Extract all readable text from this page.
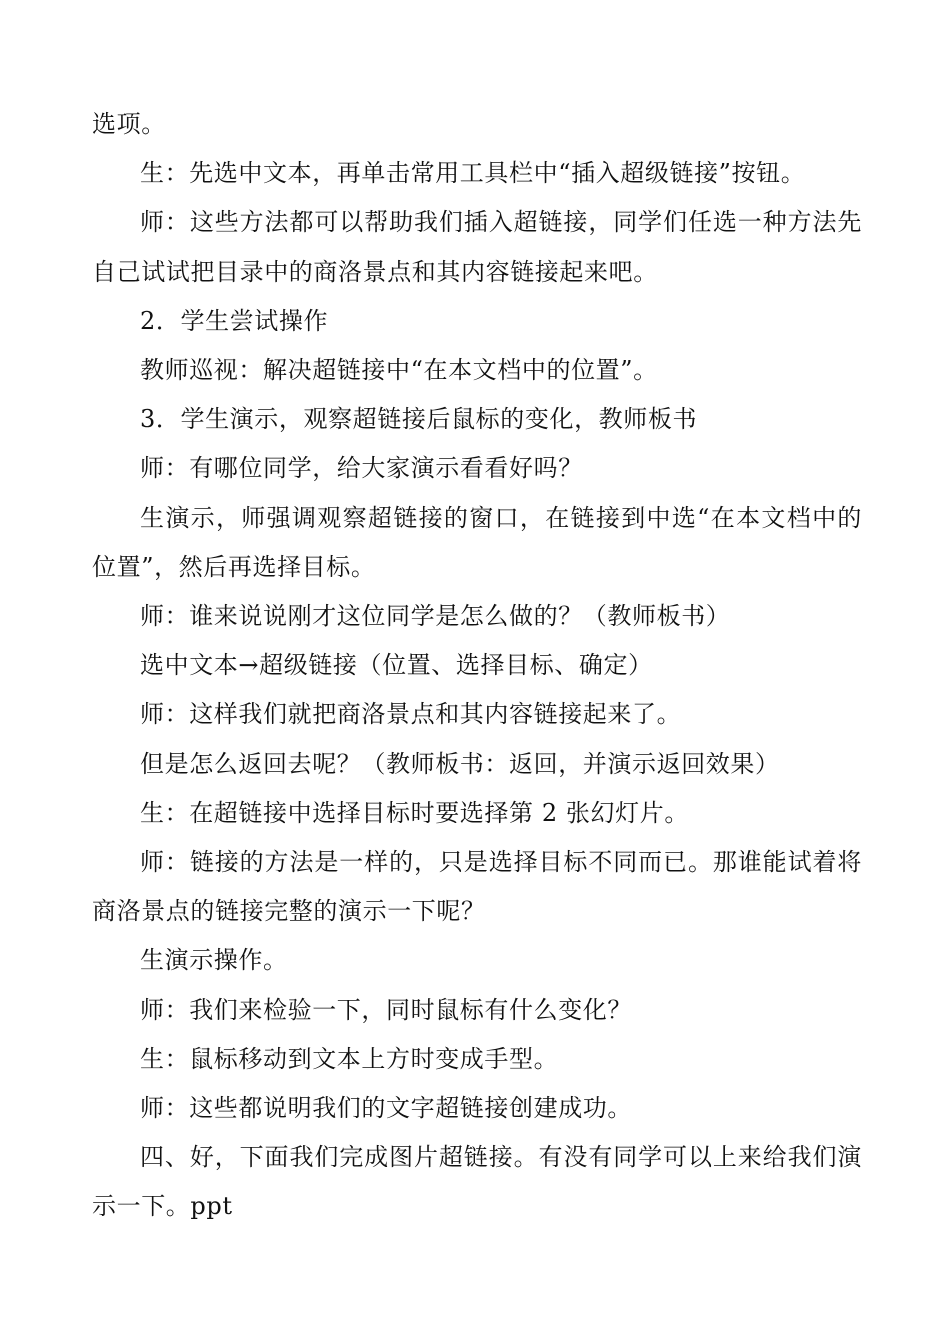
选项。

生：先选中文本，再单击常用工具栏中“插入超级链接”按钮。

师：这些方法都可以帮助我们插入超链接，同学们任选一种方法先自己试试把目录中的商洛景点和其内容链接起来吧。

2．学生尝试操作

教师巡视：解决超链接中“在本文档中的位置”。

3．学生演示，观察超链接后鼠标的变化，教师板书

师：有哪位同学，给大家演示看看好吗？

生演示，师强调观察超链接的窗口，在链接到中选“在本文档中的位置”，然后再选择目标。

师：谁来说说刚才这位同学是怎么做的？（教师板书）

选中文本→超级链接（位置、选择目标、确定）

师：这样我们就把商洛景点和其内容链接起来了。

但是怎么返回去呢？（教师板书：返回，并演示返回效果）

生：在超链接中选择目标时要选择第 2 张幻灯片。

师：链接的方法是一样的，只是选择目标不同而已。那谁能试着将商洛景点的链接完整的演示一下呢？

生演示操作。

师：我们来检验一下，同时鼠标有什么变化？

生：鼠标移动到文本上方时变成手型。

师：这些都说明我们的文字超链接创建成功。

四、好，下面我们完成图片超链接。有没有同学可以上来给我们演示一下。ppt
